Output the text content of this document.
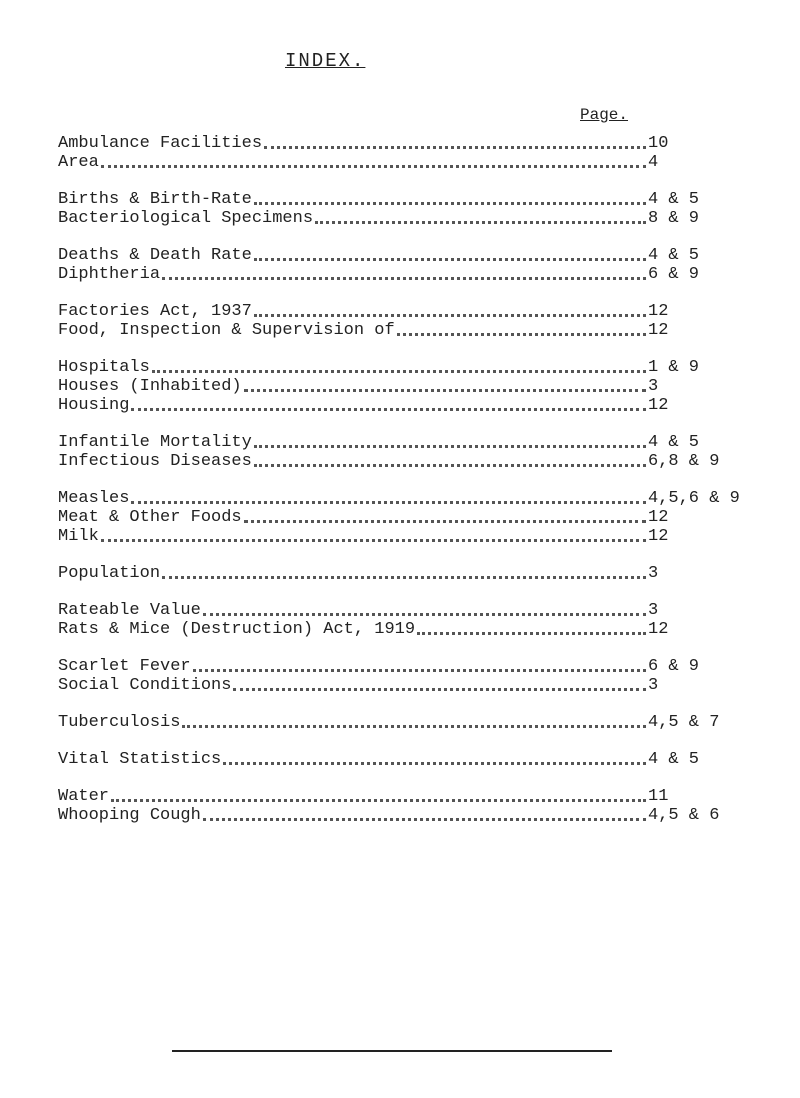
INDEX.
Page.
Ambulance Facilities	10
Area	4
Births & Birth-Rate	4 & 5
Bacteriological Specimens	8 & 9
Deaths & Death Rate	4 & 5
Diphtheria	6 & 9
Factories Act, 1937	12
Food, Inspection & Supervision of	12
Hospitals	1 & 9
Houses (Inhabited)	3
Housing	12
Infantile Mortality	4 & 5
Infectious Diseases	6,8 & 9
Measles	4,5,6 & 9
Meat & Other Foods	12
Milk	12
Population	3
Rateable Value	3
Rats & Mice (Destruction) Act, 1919	12
Scarlet Fever	6 & 9
Social Conditions	3
Tuberculosis	4,5 & 7
Vital Statistics	4 & 5
Water	11
Whooping Cough	4,5 & 6
